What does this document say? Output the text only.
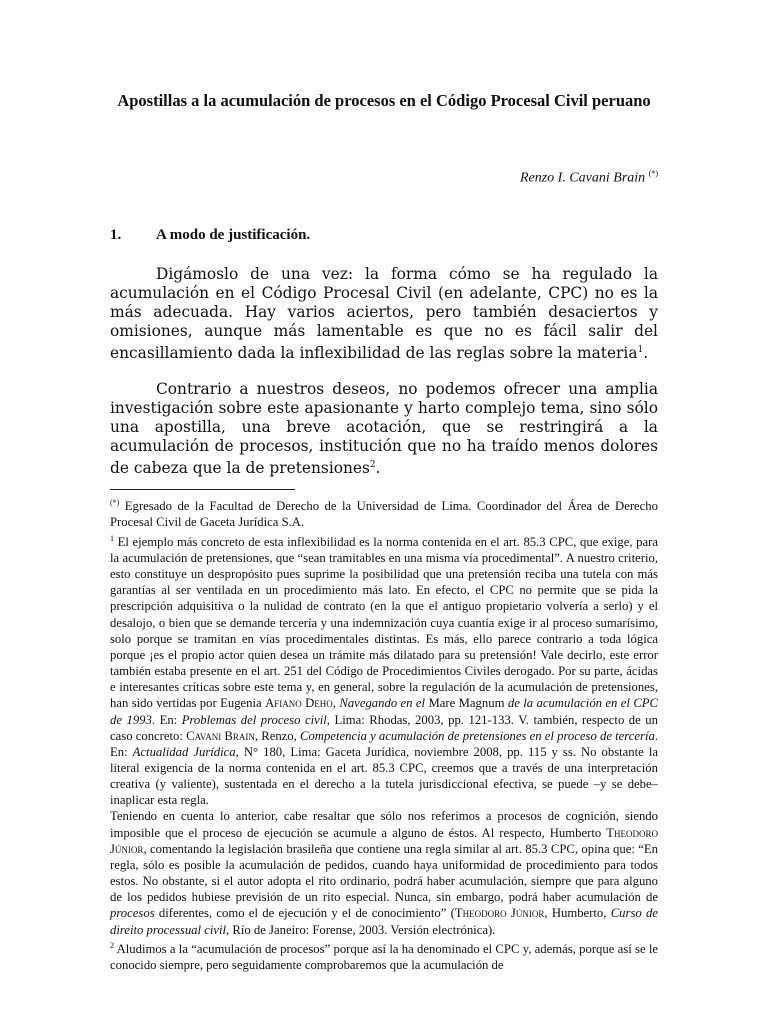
Apostillas a la acumulación de procesos en el Código Procesal Civil peruano
Renzo I. Cavani Brain (*)
1. A modo de justificación.

Digámoslo de una vez: la forma cómo se ha regulado la acumulación en el Código Procesal Civil (en adelante, CPC) no es la más adecuada. Hay varios aciertos, pero también desaciertos y omisiones, aunque más lamentable es que no es fácil salir del encasillamiento dada la inflexibilidad de las reglas sobre la materia$^1$.

Contrario a nuestros deseos, no podemos ofrecer una amplia investigación sobre este apasionante y harto complejo tema, sino sólo una apostilla, una breve acotación, que se restringirá a la acumulación de procesos, institución que no ha traído menos dolores de cabeza que la de pretensiones$^2$.

(*) Egresado de la Facultad de Derecho de la Universidad de Lima. Coordinador del Área de Derecho Procesal Civil de Gaceta Jurídica S.A.

$^1$ El ejemplo más concreto de esta inflexibilidad es la norma contenida en el art. 85.3 CPC, que exige, para la acumulación de pretensiones, que “sean tramitables en una misma vía procedimental”. A nuestro criterio, esto constituye un despropósito pues suprime la posibilidad que una pretensión reciba una tutela con más garantías al ser ventilada en un procedimiento más lato. En efecto, el CPC no permite que se pida la prescripción adquisitiva o la nulidad de contrato (en la que el antiguo propietario volvería a serlo) y el desalojo, o bien que se demande tercería y una indemnización cuya cuantía exige ir al proceso sumarísimo, solo porque se tramitan en vías procedimentales distintas. Es más, ello parece contrario a toda lógica porque ¡es el propio actor quien desea un trámite más dilatado para su pretensión! Vale decirlo, este error también estaba presente en el art. 251 del Código de Procedimientos Civiles derogado. Por su parte, ácidas e interesantes críticas sobre este tema y, en general, sobre la regulación de la acumulación de pretensiones, han sido vertidas por Eugenia Afiano Deho, Navegando en el Mare Magnum de la acumulación en el CPC de 1993. En: Problemas del proceso civil, Lima: Rhodas, 2003, pp. 121-133. V. también, respecto de un caso concreto: Cavani Brain, Renzo, Competencia y acumulación de pretensiones en el proceso de tercería. En: Actualidad Jurídica, N° 180, Lima: Gaceta Jurídica, noviembre 2008, pp. 115 y ss. No obstante la literal exigencia de la norma contenida en el art. 85.3 CPC, creemos que a través de una interpretación creativa (y valiente), sustentada en el derecho a la tutela jurisdiccional efectiva, se puede –y se debe– inaplicar esta regla.

Teniendo en cuenta lo anterior, cabe resaltar que sólo nos referimos a procesos de cognición, siendo imposible que el proceso de ejecución se acumule a alguno de éstos. Al respecto, Humberto Theodoro Júnior, comentando la legislación brasileña que contiene una regla similar al art. 85.3 CPC, opina que: “En regla, sólo es posible la acumulación de pedidos, cuando haya uniformidad de procedimiento para todos estos. No obstante, si el autor adopta el rito ordinario, podrá haber acumulación, siempre que para alguno de los pedidos hubiese previsión de un rito especial. Nunca, sin embargo, podrá haber acumulación de procesos diferentes, como el de ejecución y el de conocimiento” (Theodoro Júnior, Humberto, Curso de direito processual civil, Río de Janeiro: Forense, 2003. Versión electrónica).

$^2$ Aludimos a la “acumulación de procesos” porque así la ha denominado el CPC y, además, porque así se le conocido siempre, pero seguidamente comprobaremos que la acumulación de
